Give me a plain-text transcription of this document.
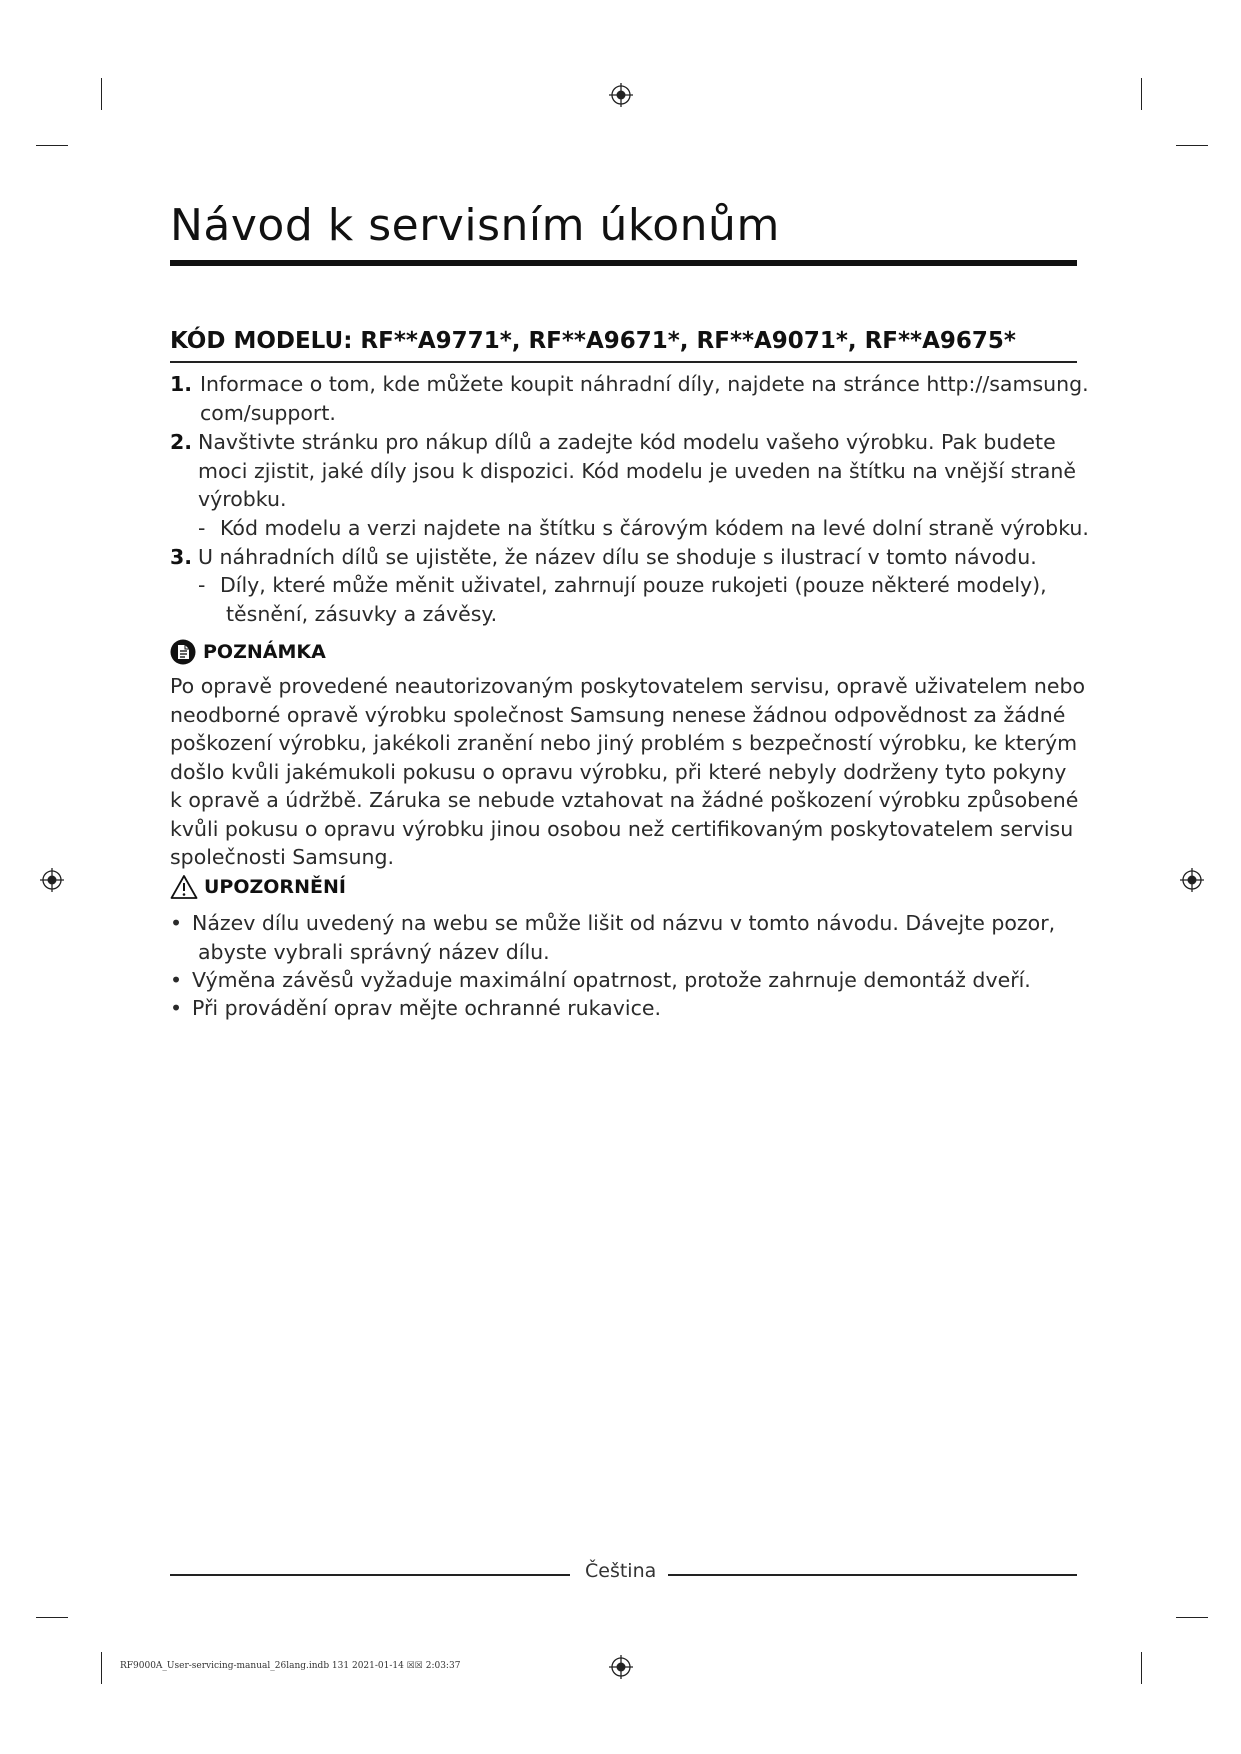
Návod k servisním úkonům
KÓD MODELU: RF**A9771*, RF**A9671*, RF**A9071*, RF**A9675*
1. Informace o tom, kde můžete koupit náhradní díly, najdete na stránce http://samsung.
com/support.
2. Navštivte stránku pro nákup dílů a zadejte kód modelu vašeho výrobku. Pak budete
moci zjistit, jaké díly jsou k dispozici. Kód modelu je uveden na štítku na vnější straně
výrobku.
- Kód modelu a verzi najdete na štítku s čárovým kódem na levé dolní straně výrobku.
3. U náhradních dílů se ujistěte, že název dílu se shoduje s ilustrací v tomto návodu.
- Díly, které může měnit uživatel, zahrnují pouze rukojeti (pouze některé modely),
těsnění, zásuvky a závěsy.
POZNÁMKA
Po opravě provedené neautorizovaným poskytovatelem servisu, opravě uživatelem nebo
neodborné opravě výrobku společnost Samsung nenese žádnou odpovědnost za žádné
poškození výrobku, jakékoli zranění nebo jiný problém s bezpečností výrobku, ke kterým
došlo kvůli jakémukoli pokusu o opravu výrobku, při které nebyly dodrženy tyto pokyny
k opravě a údržbě. Záruka se nebude vztahovat na žádné poškození výrobku způsobené
kvůli pokusu o opravu výrobku jinou osobou než certifikovaným poskytovatelem servisu
společnosti Samsung.
UPOZORNĚNÍ
• Název dílu uvedený na webu se může lišit od názvu v tomto návodu. Dávejte pozor,
abyste vybrali správný název dílu.
• Výměna závěsů vyžaduje maximální opatrnost, protože zahrnuje demontáž dveří.
• Při provádění oprav mějte ochranné rukavice.
Čeština
RF9000A_User-servicing-manual_26lang.indb 131 2021-01-14 ☒☒ 2:03:37
